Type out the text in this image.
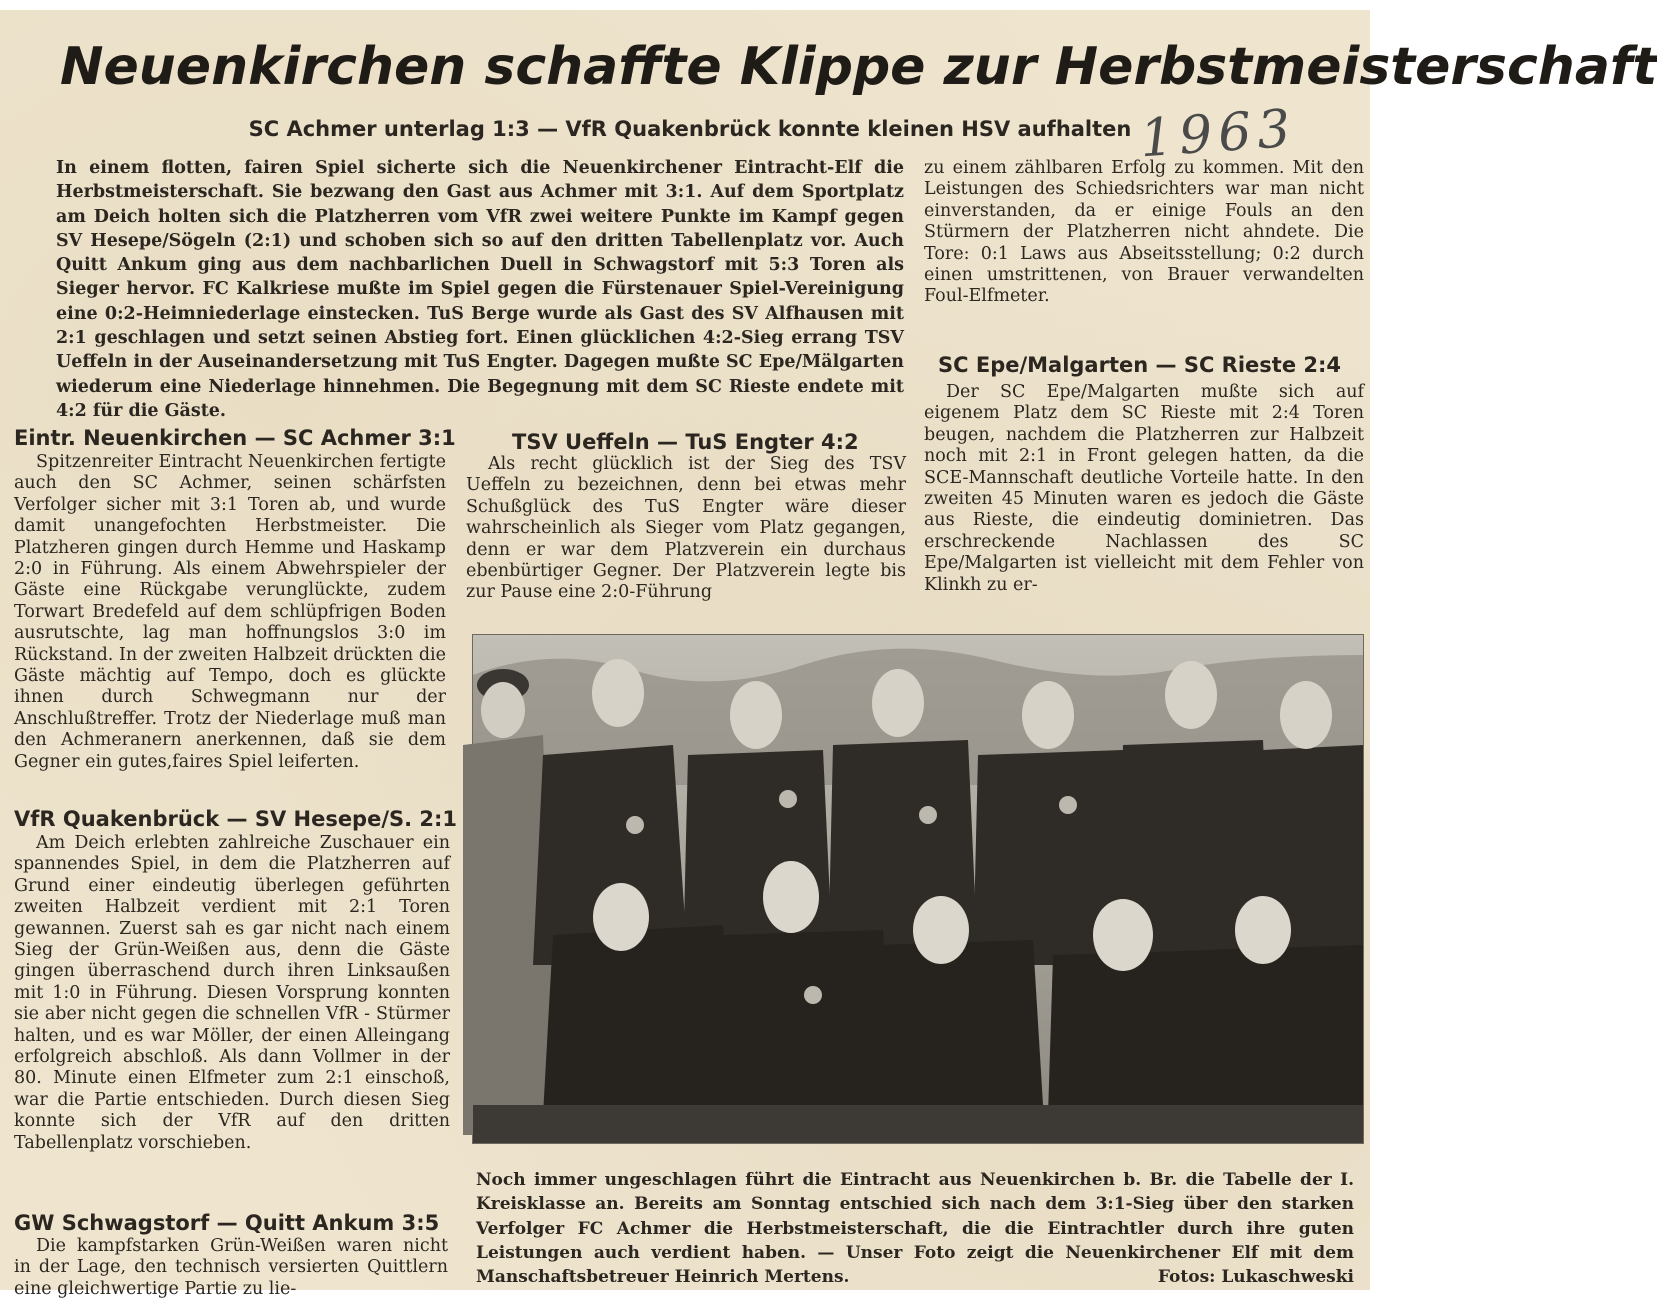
Neuenkirchen schaffte Klippe zur Herbstmeisterschaft
SC Achmer unterlag 1:3 — VfR Quakenbrück konnte kleinen HSV aufhalten 1963
In einem flotten, fairen Spiel sicherte sich die Neuenkirchener Eintracht-Elf die Herbstmeisterschaft. Sie bezwang den Gast aus Achmer mit 3:1. Auf dem Sportplatz am Deich holten sich die Platzherren vom VfR zwei weitere Punkte im Kampf gegen SV Hesepe/Sögeln (2:1) und schoben sich so auf den dritten Tabellenplatz vor. Auch Quitt Ankum ging aus dem nachbarlichen Duell in Schwagstorf mit 5:3 Toren als Sieger hervor. FC Kalkriese mußte im Spiel gegen die Fürstenauer Spiel-Vereinigung eine 0:2-Heimniederlage einstecken. TuS Berge wurde als Gast des SV Alfhausen mit 2:1 geschlagen und setzt seinen Abstieg fort. Einen glücklichen 4:2-Sieg errang TSV Ueffeln in der Auseinandersetzung mit TuS Engter. Dagegen mußte SC Epe/Mälgarten wiederum eine Niederlage hinnehmen. Die Begegnung mit dem SC Rieste endete mit 4:2 für die Gäste.
Eintr. Neuenkirchen — SC Achmer 3:1

Spitzenreiter Eintracht Neuenkirchen fertigte auch den SC Achmer, seinen schärfsten Verfolger sicher mit 3:1 Toren ab, und wurde damit unangefochten Herbstmeister. Die Platzheren gingen durch Hemme und Haskamp 2:0 in Führung. Als einem Abwehrspieler der Gäste eine Rückgabe verunglückte, zudem Torwart Bredefeld auf dem schlüpfrigen Boden ausrutschte, lag man hoffnungslos 3:0 im Rückstand. In der zweiten Halbzeit drückten die Gäste mächtig auf Tempo, doch es glückte ihnen durch Schwegmann nur der Anschlußtreffer. Trotz der Niederlage muß man den Achmeranern anerkennen, daß sie dem Gegner ein gutes,faires Spiel leiferten.

VfR Quakenbrück — SV Hesepe/S. 2:1

Am Deich erlebten zahlreiche Zuschauer ein spannendes Spiel, in dem die Platzherren auf Grund einer eindeutig überlegen geführten zweiten Halbzeit verdient mit 2:1 Toren gewannen. Zuerst sah es gar nicht nach einem Sieg der Grün-Weißen aus, denn die Gäste gingen überraschend durch ihren Linksaußen mit 1:0 in Führung. Diesen Vorsprung konnten sie aber nicht gegen die schnellen VfR - Stürmer halten, und es war Möller, der einen Alleingang erfolgreich abschloß. Als dann Vollmer in der 80. Minute einen Elfmeter zum 2:1 einschoß, war die Partie entschieden. Durch diesen Sieg konnte sich der VfR auf den dritten Tabellenplatz vorschieben.

GW Schwagstorf — Quitt Ankum 3:5

Die kampfstarken Grün-Weißen waren nicht in der Lage, den technisch versierten Quittlern eine gleichwertige Partie zu lie-

TSV Ueffeln — TuS Engter 4:2

Als recht glücklich ist der Sieg des TSV Ueffeln zu bezeichnen, denn bei etwas mehr Schußglück des TuS Engter wäre dieser wahrscheinlich als Sieger vom Platz gegangen, denn er war dem Platzverein ein durchaus ebenbürtiger Gegner. Der Platzverein legte bis zur Pause eine 2:0-Führung

zu einem zählbaren Erfolg zu kommen. Mit den Leistungen des Schiedsrichters war man nicht einverstanden, da er einige Fouls an den Stürmern der Platzherren nicht ahndete. Die Tore: 0:1 Laws aus Abseitsstellung; 0:2 durch einen umstrittenen, von Brauer verwandelten Foul-Elfmeter.

SC Epe/Malgarten — SC Rieste 2:4

Der SC Epe/Malgarten mußte sich auf eigenem Platz dem SC Rieste mit 2:4 Toren beugen, nachdem die Platzherren zur Halbzeit noch mit 2:1 in Front gelegen hatten, da die SCE-Mannschaft deutliche Vorteile hatte. In den zweiten 45 Minuten waren es jedoch die Gäste aus Rieste, die eindeutig dominietren. Das erschreckende Nachlassen des SC Epe/Malgarten ist vielleicht mit dem Fehler von Klinkh zu er-

Noch immer ungeschlagen führt die Eintracht aus Neuenkirchen b. Br. die Tabelle der I. Kreisklasse an. Bereits am Sonntag entschied sich nach dem 3:1-Sieg über den starken Verfolger FC Achmer die Herbstmeisterschaft, die die Eintrachtler durch ihre guten Leistungen auch verdient haben. — Unser Foto zeigt die Neuenkirchener Elf mit dem Manschaftsbetreuer Heinrich Mertens.	Fotos: Lukaschweski
